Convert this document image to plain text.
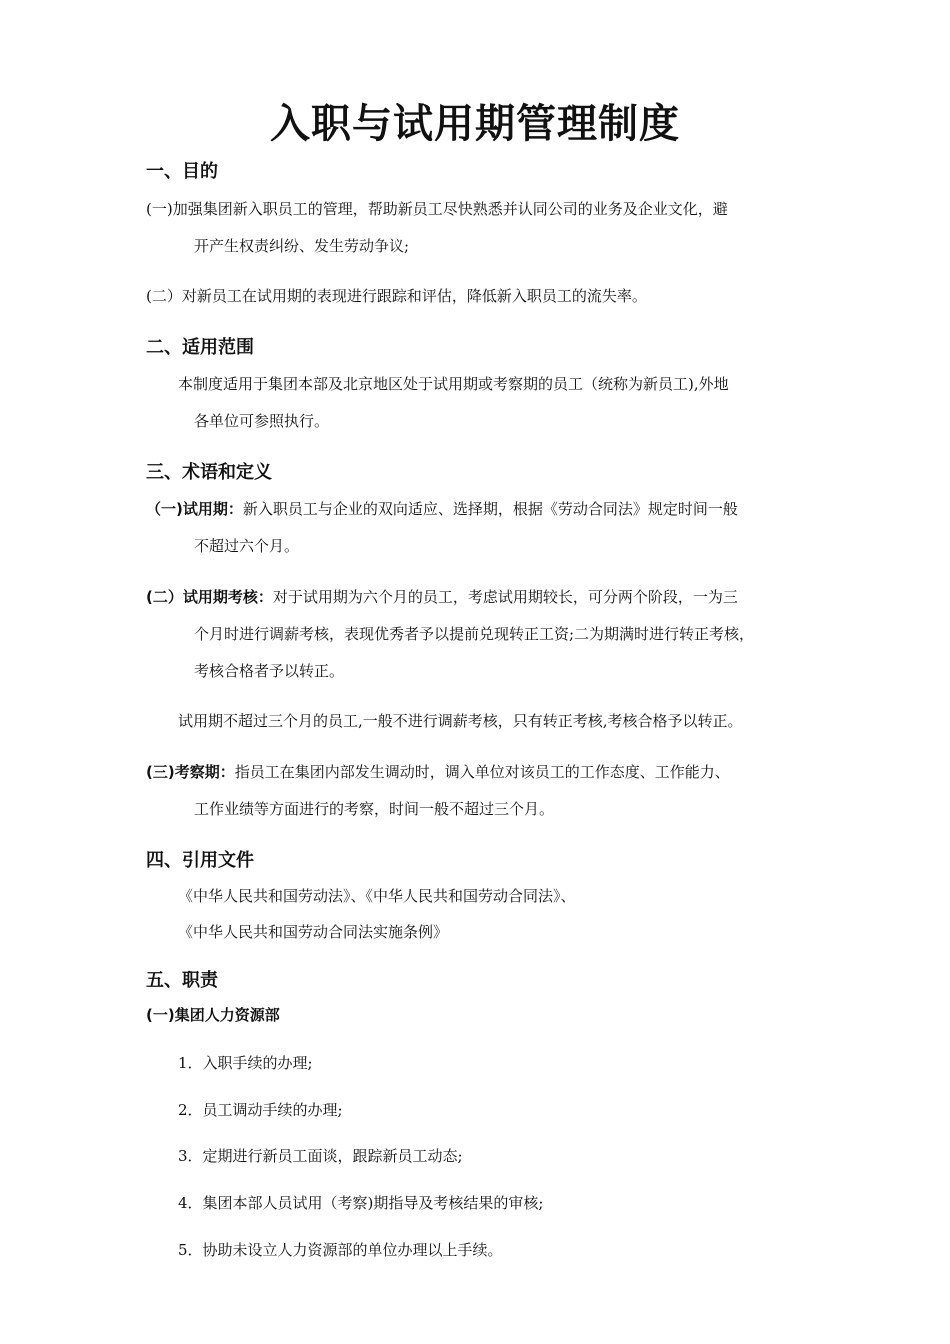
入职与试用期管理制度
一、目的
(一)加强集团新入职员工的管理，帮助新员工尽快熟悉并认同公司的业务及企业文化，避
开产生权责纠纷、发生劳动争议;
(二）对新员工在试用期的表现进行跟踪和评估，降低新入职员工的流失率。
二、适用范围
本制度适用于集团本部及北京地区处于试用期或考察期的员工（统称为新员工),外地
各单位可参照执行。
三、术语和定义
（一)试用期：新入职员工与企业的双向适应、选择期，根据《劳动合同法》规定时间一般
不超过六个月。
(二）试用期考核：对于试用期为六个月的员工，考虑试用期较长，可分两个阶段，一为三
个月时进行调薪考核，表现优秀者予以提前兑现转正工资;二为期满时进行转正考核，
考核合格者予以转正。
试用期不超过三个月的员工,一般不进行调薪考核，只有转正考核,考核合格予以转正。
(三)考察期：指员工在集团内部发生调动时，调入单位对该员工的工作态度、工作能力、
工作业绩等方面进行的考察，时间一般不超过三个月。
四、引用文件
《中华人民共和国劳动法》、《中华人民共和国劳动合同法》、
《中华人民共和国劳动合同法实施条例》
五、职责
(一)集团人力资源部
1．入职手续的办理;
2．员工调动手续的办理;
3．定期进行新员工面谈，跟踪新员工动态;
4．集团本部人员试用（考察)期指导及考核结果的审核;
5．协助未设立人力资源部的单位办理以上手续。
